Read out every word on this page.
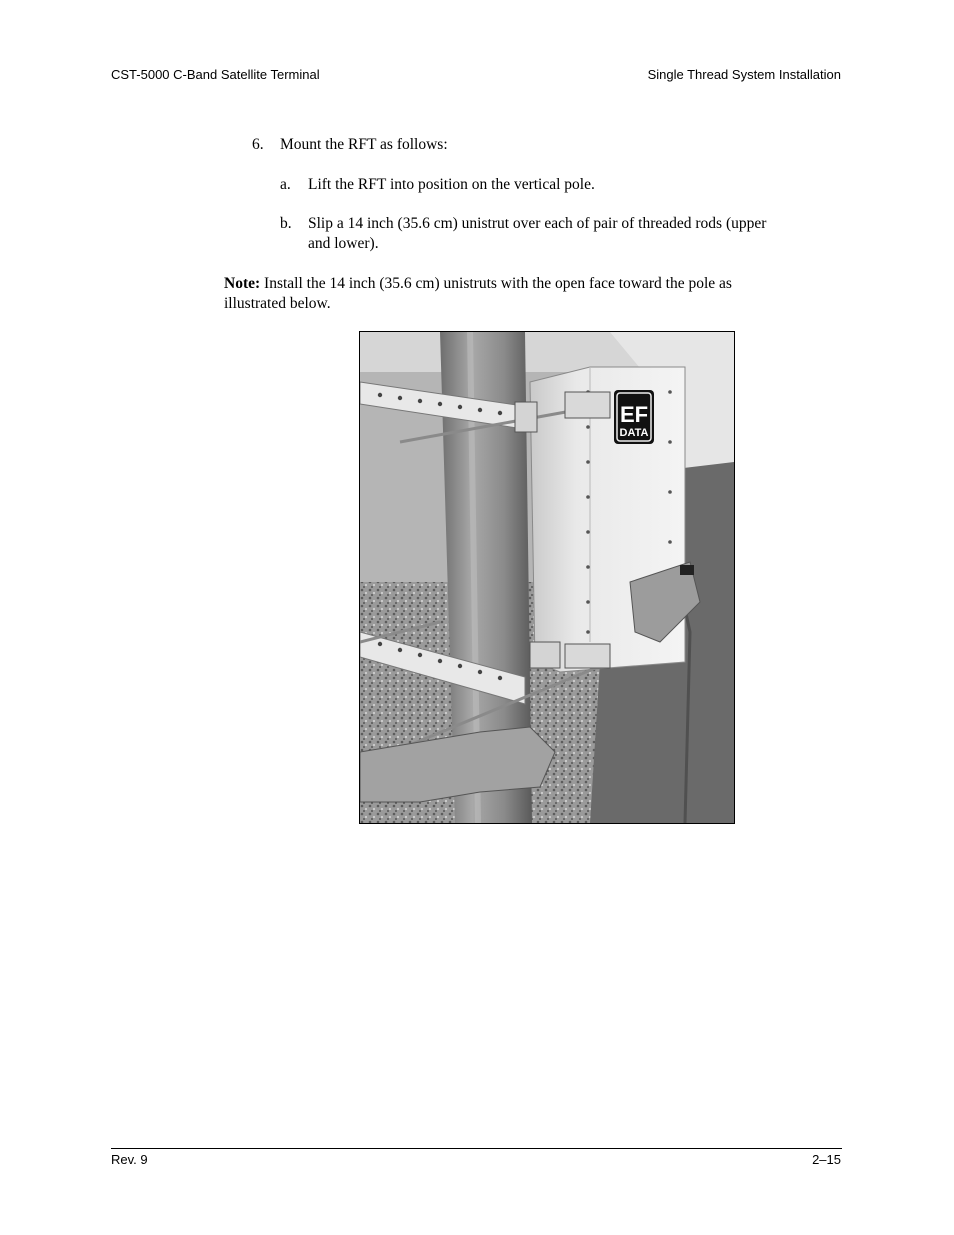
CST-5000 C-Band Satellite Terminal	Single Thread System Installation
6. Mount the RFT as follows:
a. Lift the RFT into position on the vertical pole.
b. Slip a 14 inch (35.6 cm) unistrut over each of pair of threaded rods (upper
and lower).
Note: Install the 14 inch (35.6 cm) unistruts with the open face toward the pole as
illustrated below.
EF
DATA
Rev. 9	2–15
